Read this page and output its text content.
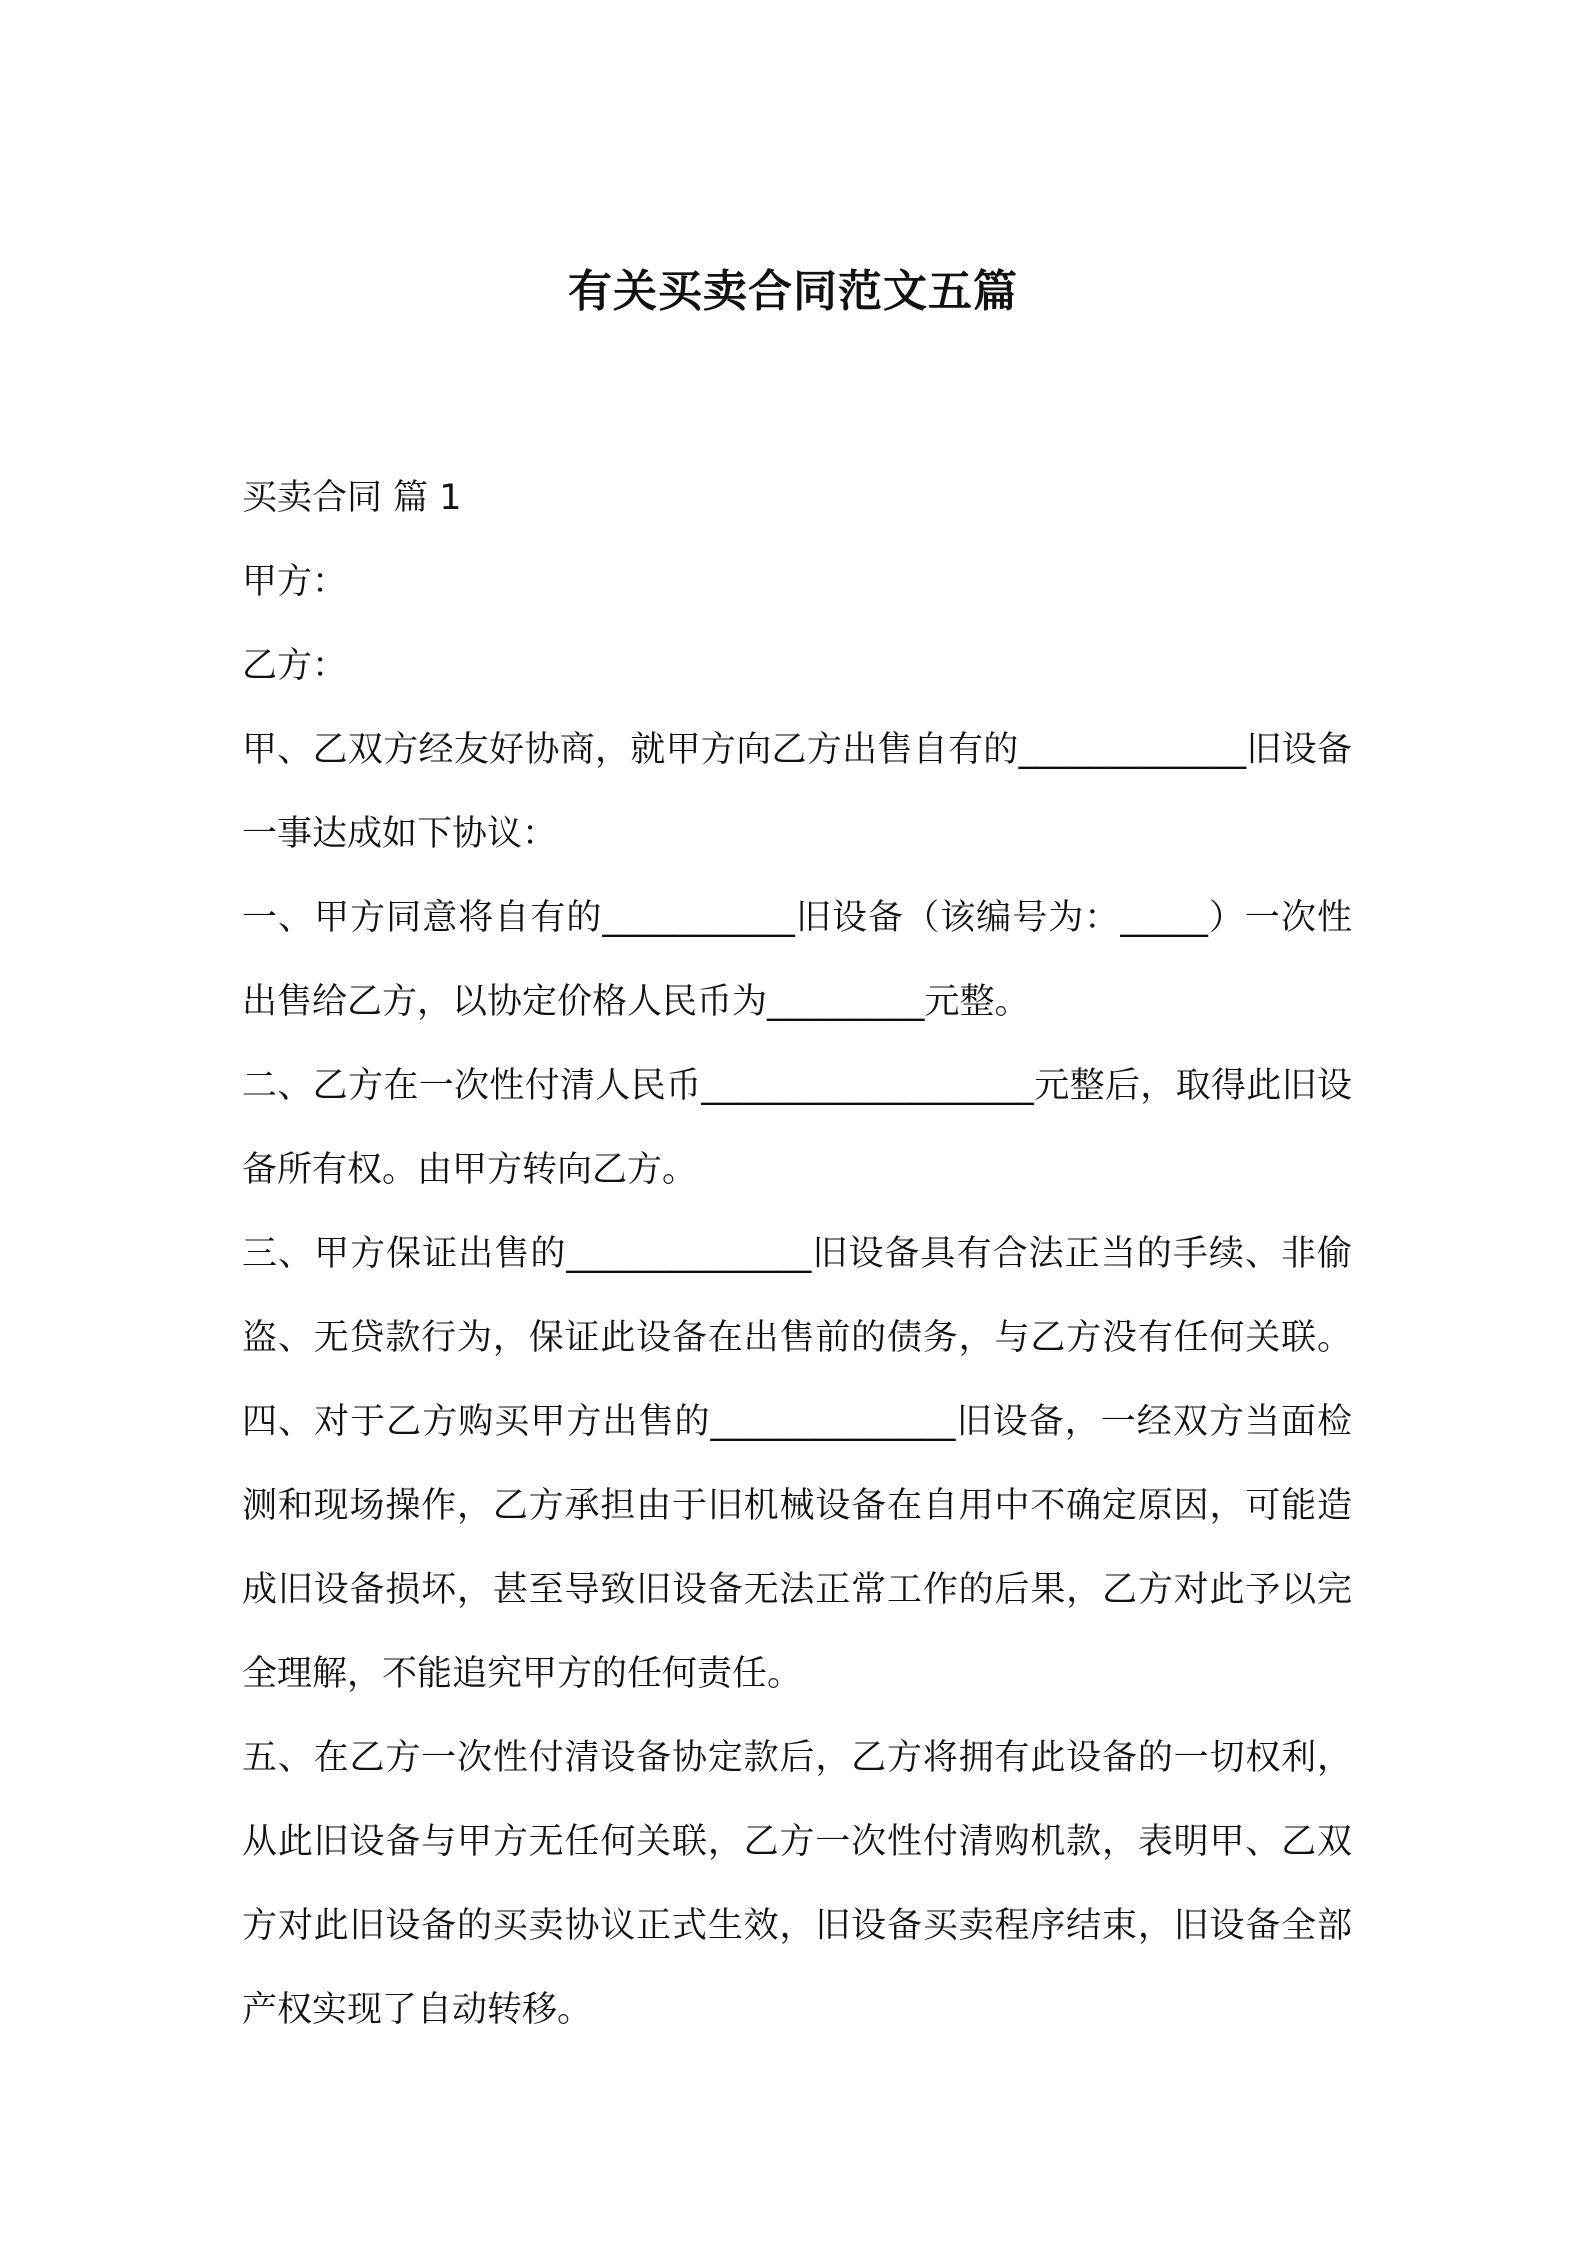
有关买卖合同范文五篇

买卖合同 篇 1

甲方：

乙方：

甲、乙双方经友好协商，就甲方向乙方出售自有的_____________旧设备一事达成如下协议：

一、甲方同意将自有的___________旧设备（该编号为：_____）一次性出售给乙方，以协定价格人民币为_________元整。

二、乙方在一次性付清人民币___________________元整后，取得此旧设备所有权。由甲方转向乙方。

三、甲方保证出售的______________旧设备具有合法正当的手续、非偷盗、无贷款行为，保证此设备在出售前的债务，与乙方没有任何关联。四、对于乙方购买甲方出售的______________旧设备，一经双方当面检测和现场操作，乙方承担由于旧机械设备在自用中不确定原因，可能造成旧设备损坏，甚至导致旧设备无法正常工作的后果，乙方对此予以完全理解，不能追究甲方的任何责任。

五、在乙方一次性付清设备协定款后，乙方将拥有此设备的一切权利，从此旧设备与甲方无任何关联，乙方一次性付清购机款，表明甲、乙双方对此旧设备的买卖协议正式生效，旧设备买卖程序结束，旧设备全部产权实现了自动转移。
